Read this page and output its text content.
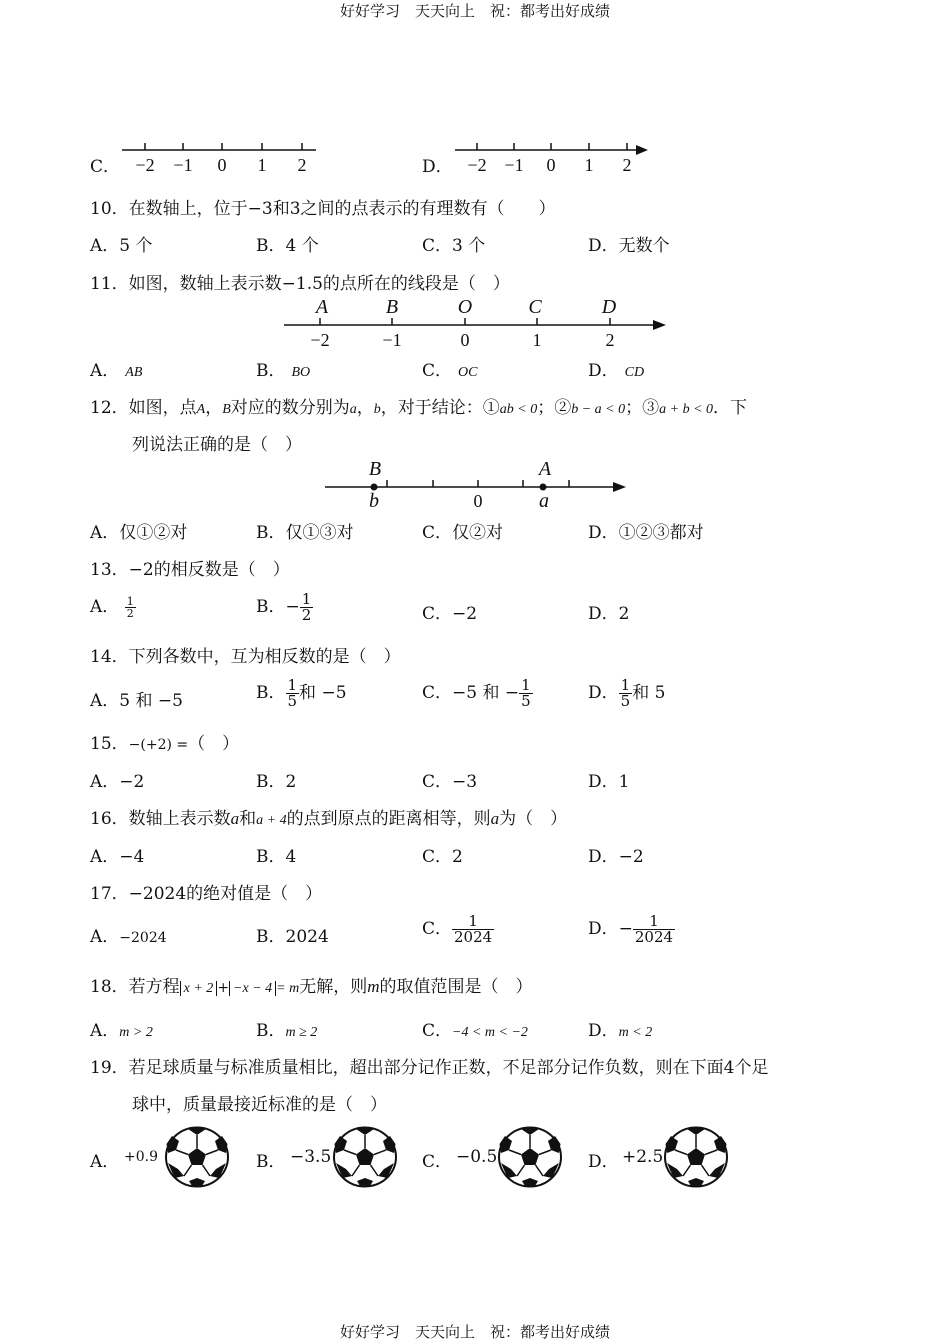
好好学习　天天向上　祝：都考出好成绩
好好学习　天天向上　祝：都考出好成绩
C． −2 −1 0 1 2	−2 −1 0 1 2
D．
10．在数轴上，位于−3和3之间的点表示的有理数有（　　）
A．5 个	B．4 个	C．3 个	D．无数个
11．如图，数轴上表示数−1.5的点所在的线段是（　）
A	B	O	C	D
−2	−1	0	1	2
A． AB	B． BO	C． OC	D． CD
12．如图，点A，B对应的数分别为a，b，对于结论：①ab < 0；②b − a < 0；③a + b < 0．下
列说法正确的是（　）
B	A
b	0	a
A．仅①②对	B．仅①③对	C．仅②对	D．①②③都对
13．−2的相反数是（　）
A． $\frac{1}{2}$	B．− $\frac{1}{2}$	C．−2	D．2
14．下列各数中，互为相反数的是（　）
A．5 和 −5	B． $\frac{1}{5}$ 和 −5	C．−5 和 − $\frac{1}{5}$	D． $\frac{1}{5}$ 和 5
15．−(+2) =（　）
A．−2	B．2	C．−3	D．1
16．数轴上表示数a和a + 4的点到原点的距离相等，则a为（　）
A．−4	B．4	C．2	D．−2
17．−2024的绝对值是（　）
A．−2024	B．2024	C． $\frac{1}{2024}$	D．− $\frac{1}{2024}$
18．若方程 x + 2 + −x − 4 = m无解，则m的取值范围是（　）
A．m > 2	B．m ≥ 2	C．−4 < m < −2	D．m < 2
19．若足球质量与标准质量相比，超出部分记作正数，不足部分记作负数，则在下面4个足
球中，质量最接近标准的是（　）
A． +0.9	B． −3.5	C． −0.5	D． +2.5
